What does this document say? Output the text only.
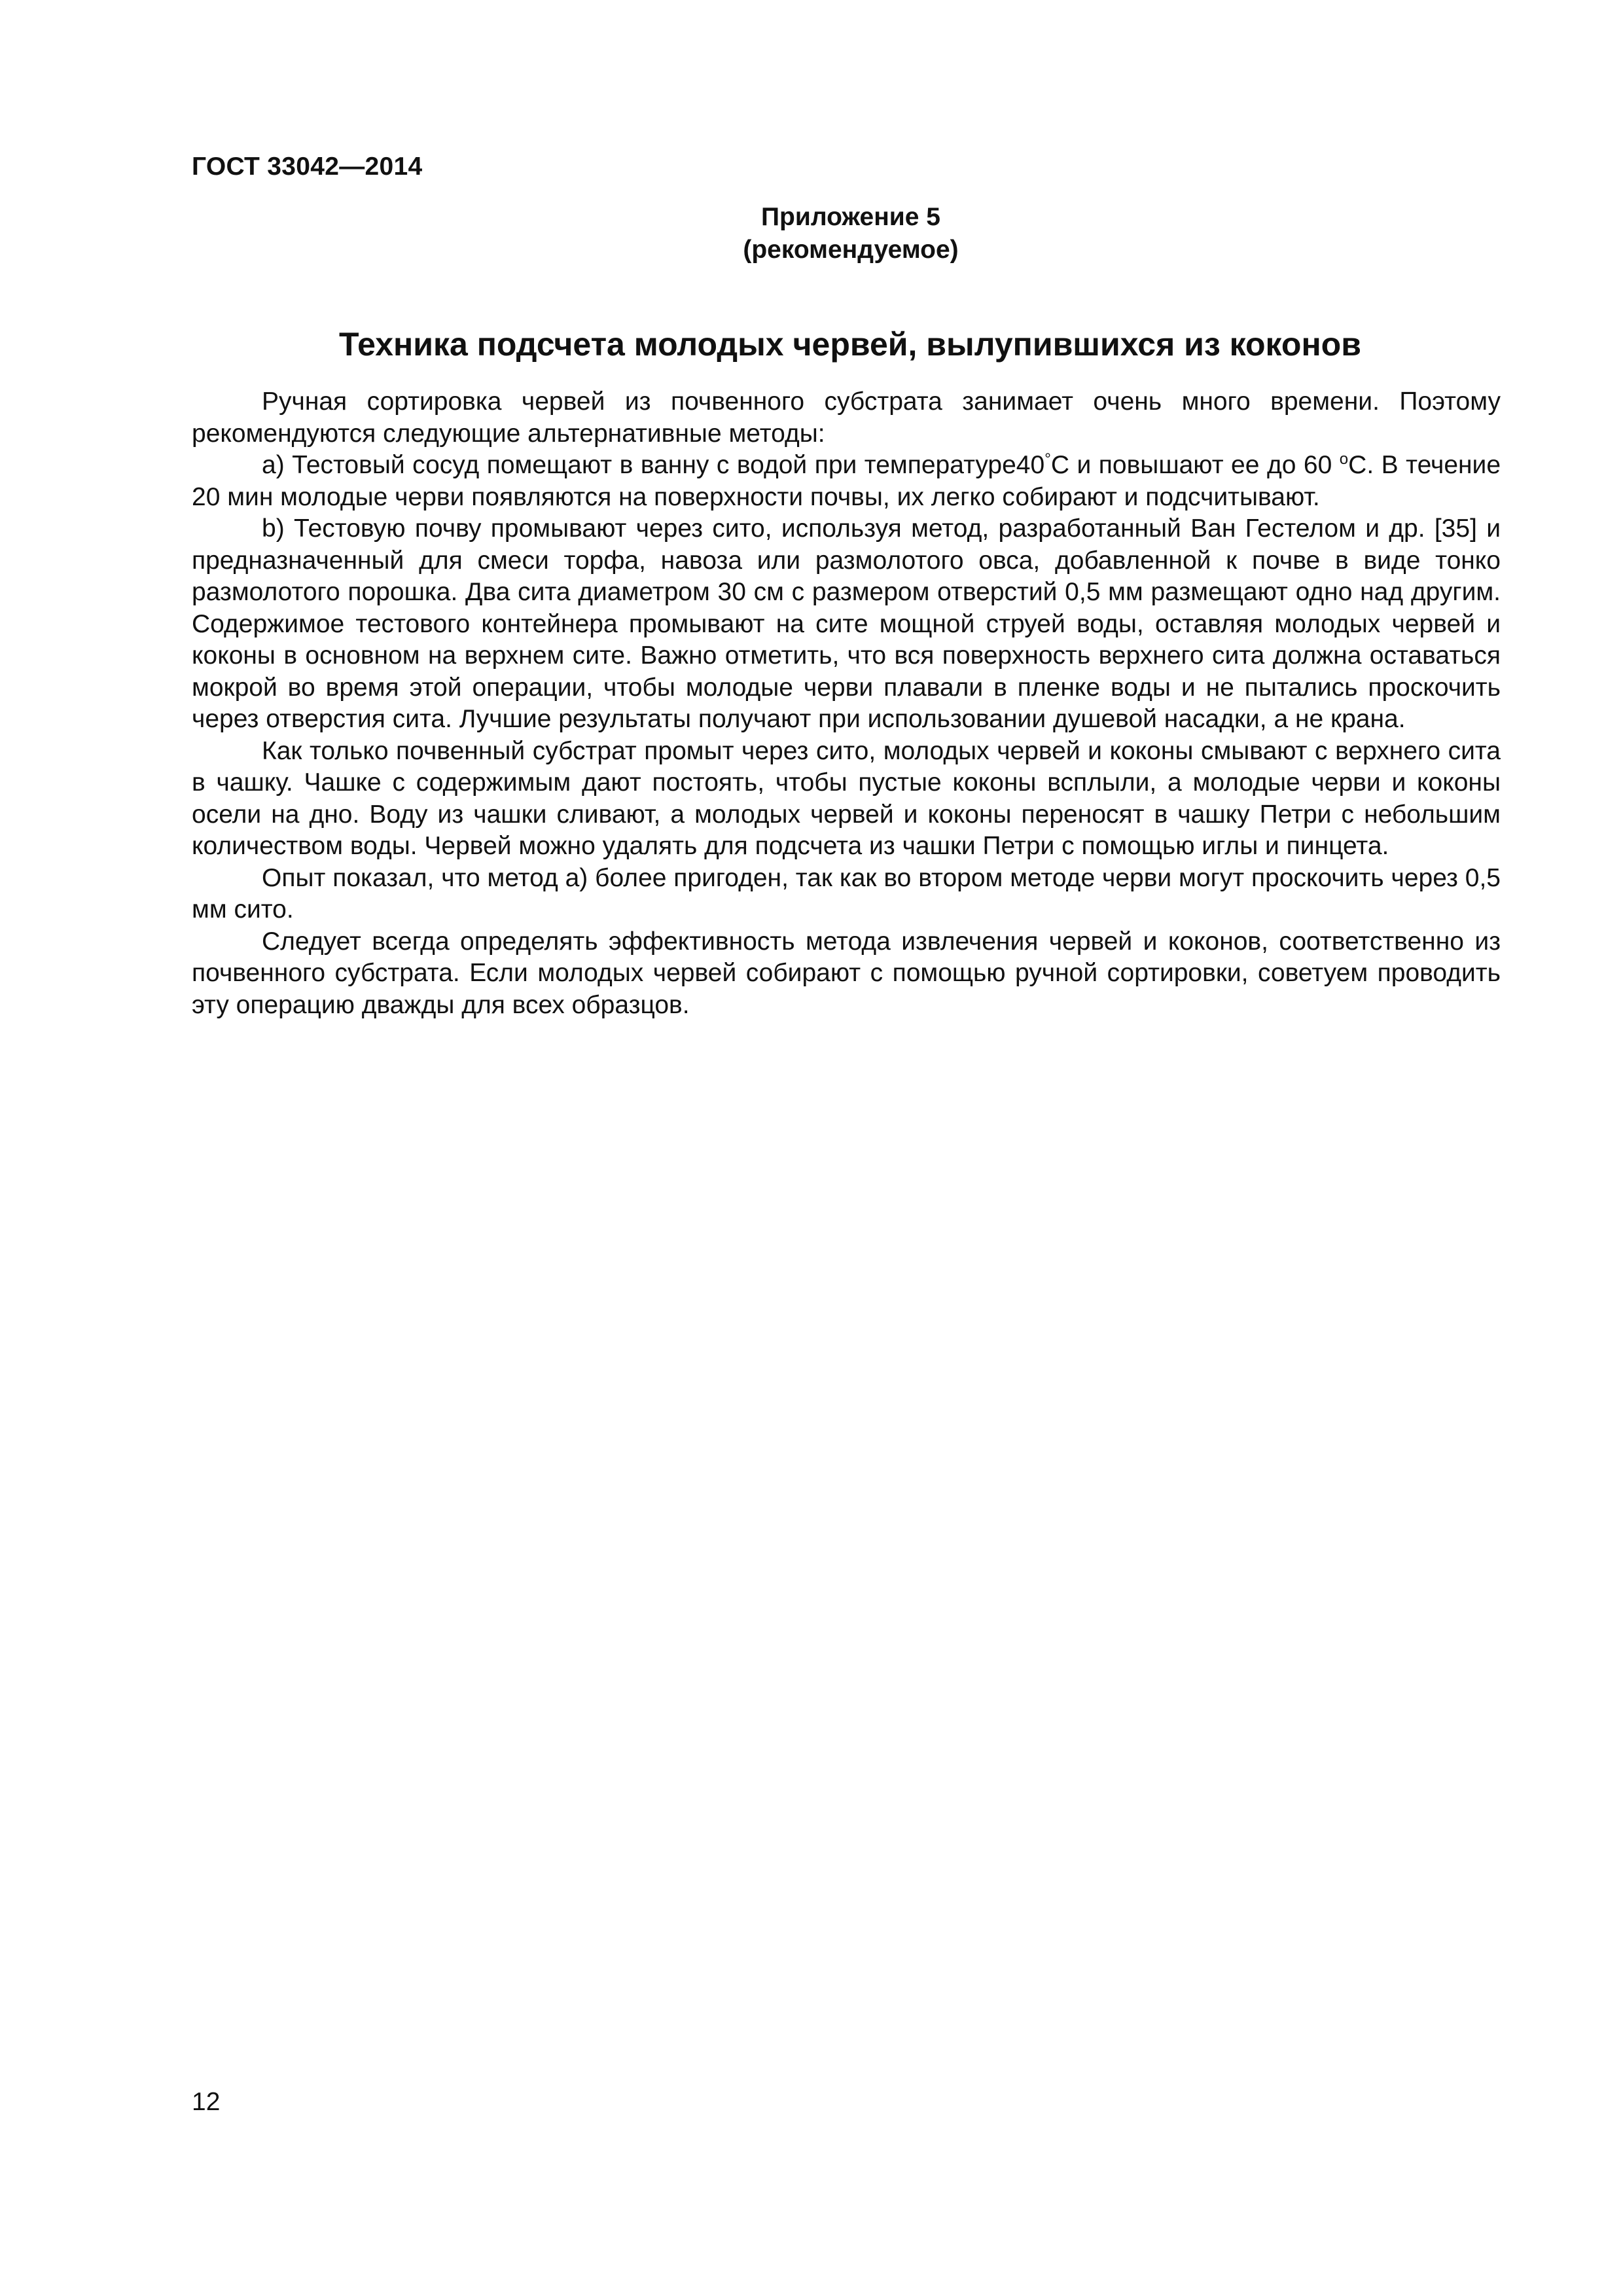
ГОСТ 33042—2014
Приложение 5
(рекомендуемое)
Техника подсчета молодых червей, вылупившихся из коконов

Ручная сортировка червей из почвенного субстрата занимает очень много времени. Поэтому рекомендуются следующие альтернативные методы:

а) Тестовый сосуд помещают в ванну с водой при температуре40°С и повышают ее до 60 $^о$С. В течение 20 мин молодые черви появляются на поверхности почвы, их легко собирают и подсчитывают.

b) Тестовую почву промывают через сито, используя метод, разработанный Ван Гестелом и др. [35] и предназначенный для смеси торфа, навоза или размолотого овса, добавленной к почве в виде тонко размолотого порошка. Два сита диаметром 30 см с размером отверстий 0,5 мм размещают одно над другим. Содержимое тестового контейнера промывают на сите мощной струей воды, оставляя молодых червей и коконы в основном на верхнем сите. Важно отметить, что вся поверхность верхнего сита должна оставаться мокрой во время этой операции, чтобы молодые черви плавали в пленке воды и не пытались проскочить через отверстия сита. Лучшие результаты получают при использовании душевой насадки, а не крана.

Как только почвенный субстрат промыт через сито, молодых червей и коконы смывают с верхнего сита в чашку. Чашке с содержимым дают постоять, чтобы пустые коконы всплыли, а молодые черви и коконы осели на дно. Воду из чашки сливают, а молодых червей и коконы переносят в чашку Петри с небольшим количеством воды. Червей можно удалять для подсчета из чашки Петри с помощью иглы и пинцета.

Опыт показал, что метод а) более пригоден, так как во втором методе черви могут проскочить через 0,5 мм сито.

Следует всегда определять эффективность метода извлечения червей и коконов, соответственно из почвенного субстрата. Если молодых червей собирают с помощью ручной сортировки, советуем проводить эту операцию дважды для всех образцов.

12
